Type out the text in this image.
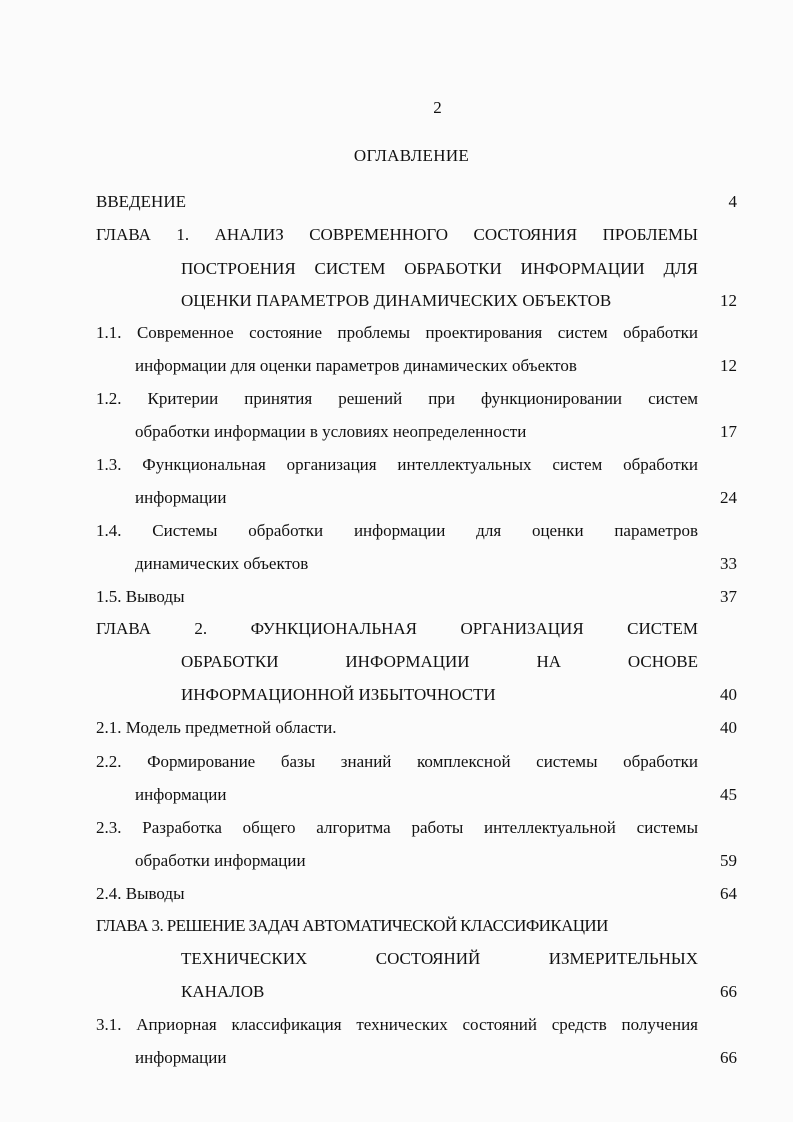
2
ОГЛАВЛЕНИЕ
ВВЕДЕНИЕ	4
ГЛАВА 1. АНАЛИЗ СОВРЕМЕННОГО СОСТОЯНИЯ ПРОБЛЕМЫ
ПОСТРОЕНИЯ СИСТЕМ ОБРАБОТКИ ИНФОРМАЦИИ ДЛЯ
ОЦЕНКИ ПАРАМЕТРОВ ДИНАМИЧЕСКИХ ОБЪЕКТОВ	12
1.1. Современное состояние проблемы проектирования систем обработки
информации для оценки параметров динамических объектов	12
1.2. Критерии принятия решений при функционировании систем
обработки информации в условиях неопределенности	17
1.3. Функциональная организация интеллектуальных систем обработки
информации	24
1.4. Системы обработки информации для оценки параметров
динамических объектов	33
1.5. Выводы	37
ГЛАВА 2. ФУНКЦИОНАЛЬНАЯ ОРГАНИЗАЦИЯ СИСТЕМ
ОБРАБОТКИ ИНФОРМАЦИИ НА ОСНОВЕ
ИНФОРМАЦИОННОЙ ИЗБЫТОЧНОСТИ	40
2.1. Модель предметной области.	40
2.2. Формирование базы знаний комплексной системы обработки
информации	45
2.3. Разработка общего алгоритма работы интеллектуальной системы
обработки информации	59
2.4. Выводы	64
ГЛАВА 3. РЕШЕНИЕ ЗАДАЧ АВТОМАТИЧЕСКОЙ КЛАССИФИКАЦИИ
ТЕХНИЧЕСКИХ СОСТОЯНИЙ ИЗМЕРИТЕЛЬНЫХ
КАНАЛОВ	66
3.1. Априорная классификация технических состояний средств получения
информации	66
